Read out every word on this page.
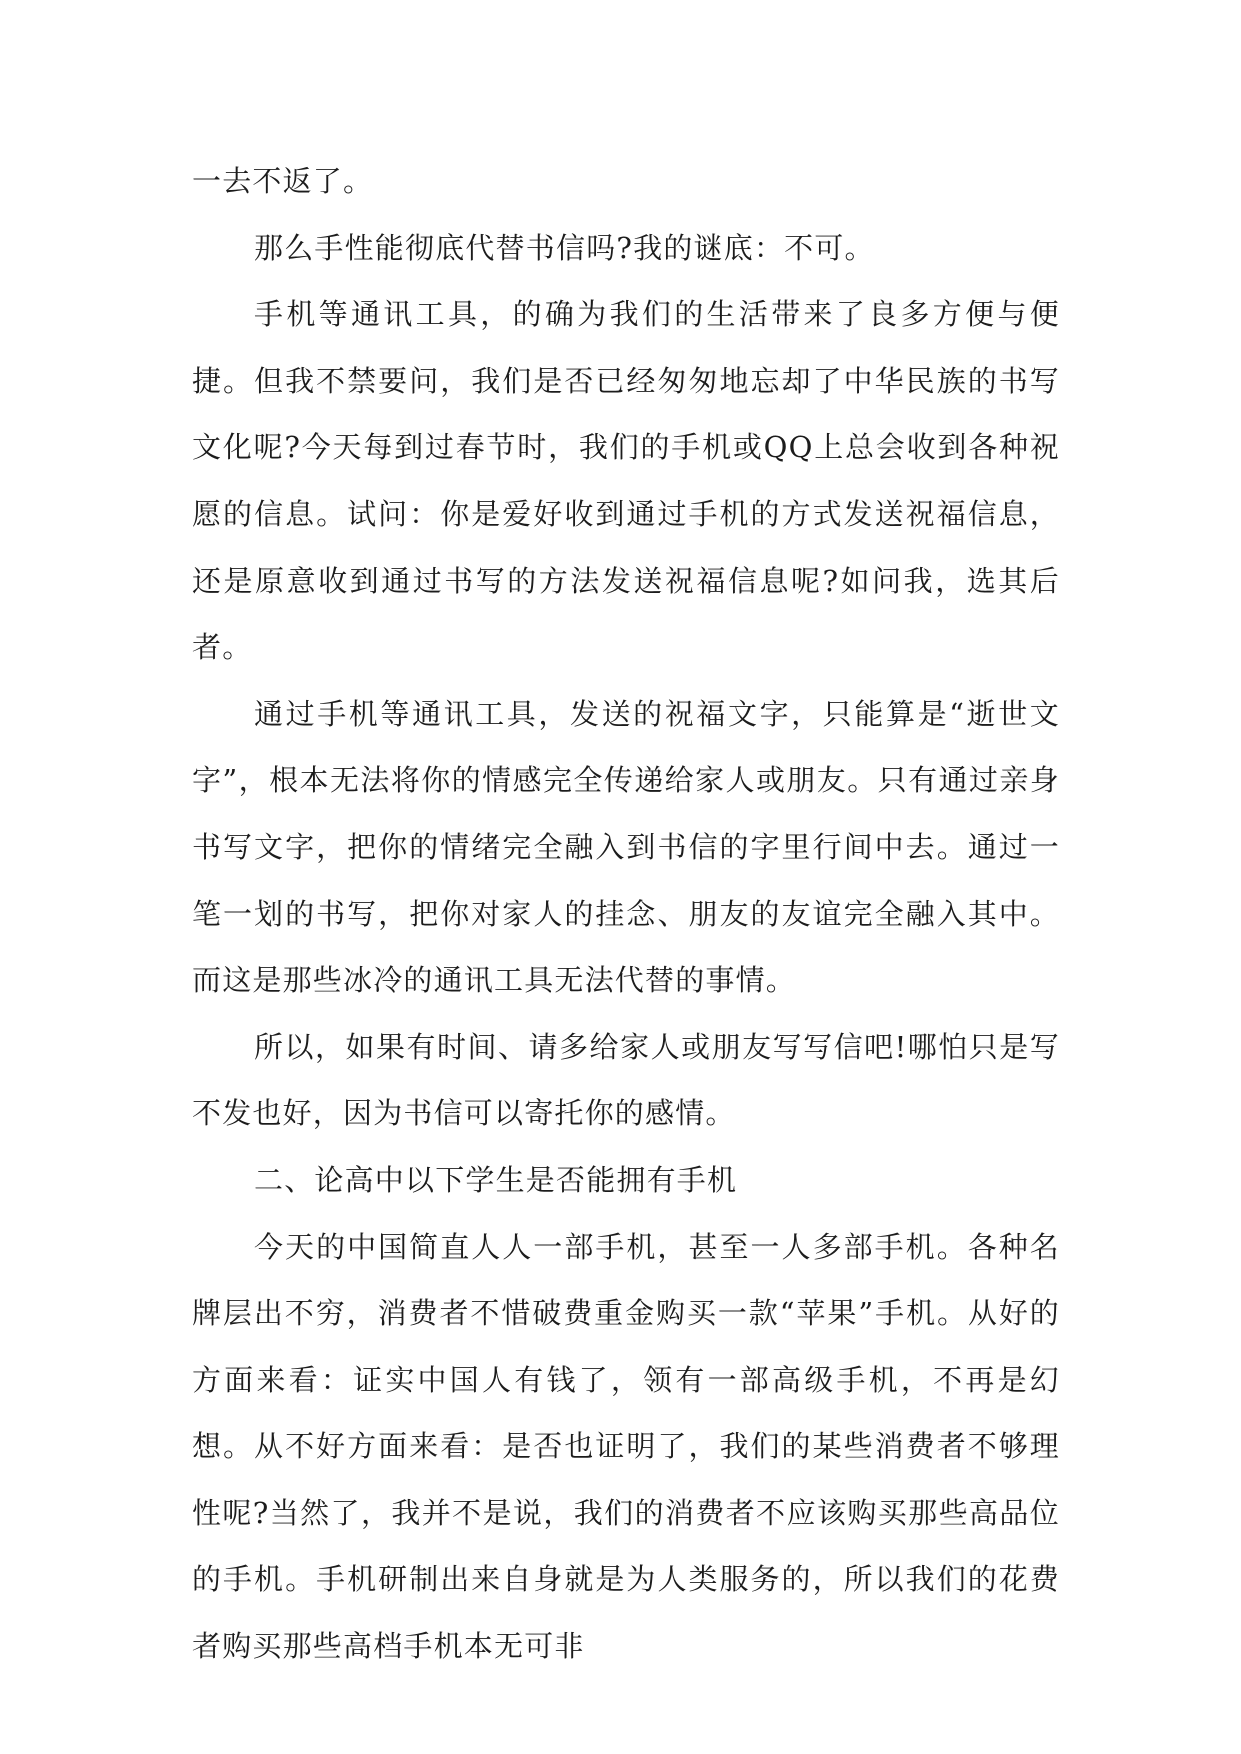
一去不返了。

那么手性能彻底代替书信吗?我的谜底：不可。

手机等通讯工具，的确为我们的生活带来了良多方便与便捷。但我不禁要问，我们是否已经匆匆地忘却了中华民族的书写文化呢?今天每到过春节时，我们的手机或QQ上总会收到各种祝愿的信息。试问：你是爱好收到通过手机的方式发送祝福信息，还是原意收到通过书写的方法发送祝福信息呢?如问我，选其后者。

通过手机等通讯工具，发送的祝福文字，只能算是“逝世文字”，根本无法将你的情感完全传递给家人或朋友。只有通过亲身书写文字，把你的情绪完全融入到书信的字里行间中去。通过一笔一划的书写，把你对家人的挂念、朋友的友谊完全融入其中。而这是那些冰冷的通讯工具无法代替的事情。

所以，如果有时间、请多给家人或朋友写写信吧!哪怕只是写不发也好，因为书信可以寄托你的感情。

二、论高中以下学生是否能拥有手机

今天的中国简直人人一部手机，甚至一人多部手机。各种名牌层出不穷，消费者不惜破费重金购买一款“苹果”手机。从好的方面来看：证实中国人有钱了，领有一部高级手机，不再是幻想。从不好方面来看：是否也证明了，我们的某些消费者不够理性呢?当然了，我并不是说，我们的消费者不应该购买那些高品位的手机。手机研制出来自身就是为人类服务的，所以我们的花费者购买那些高档手机本无可非
